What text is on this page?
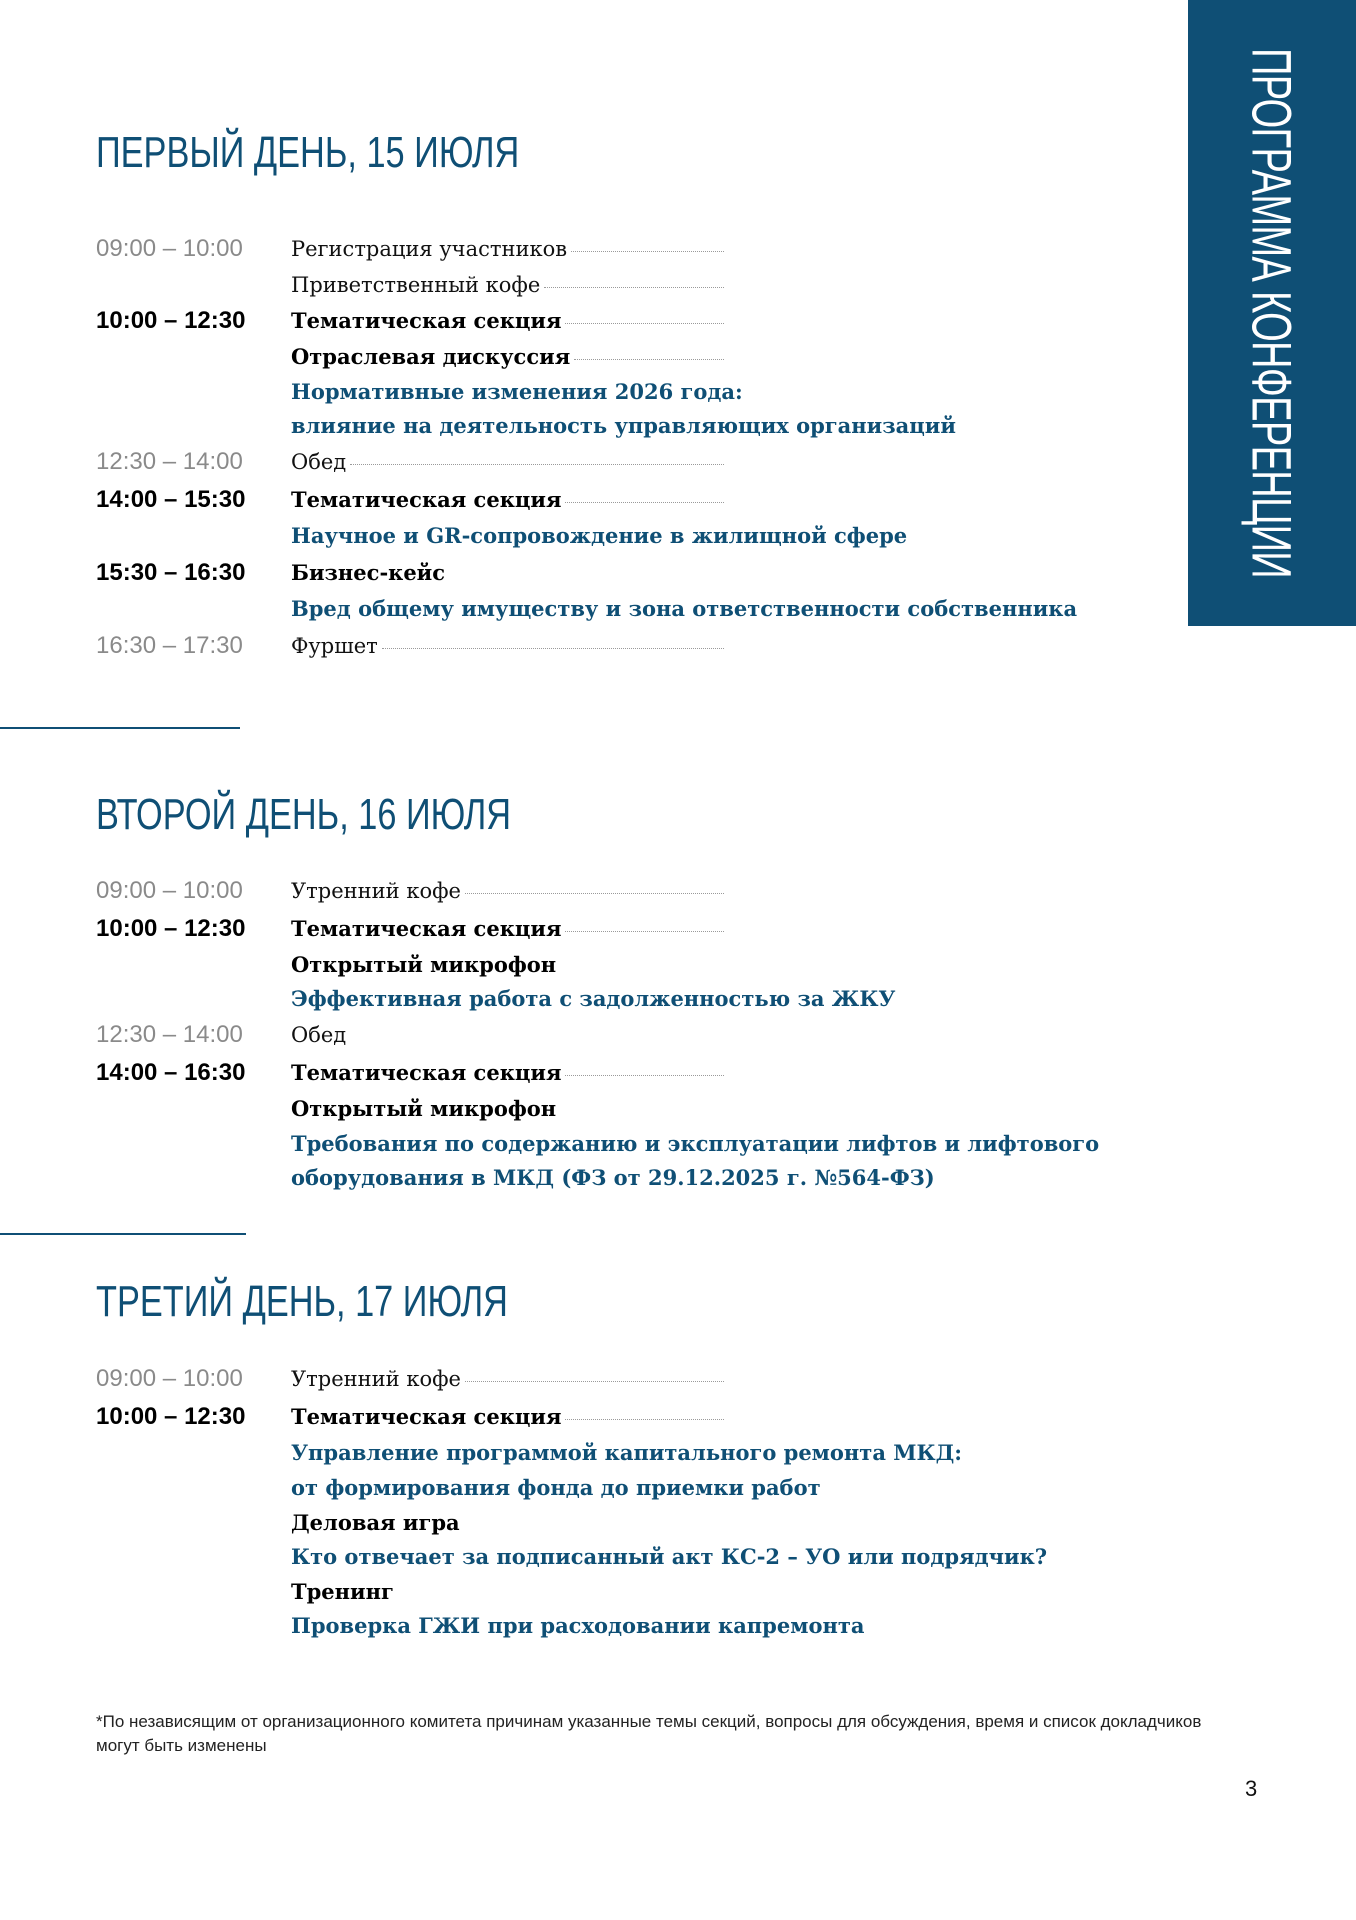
ПРОГРАММА КОНФЕРЕНЦИИ
ПЕРВЫЙ ДЕНЬ, 15 ИЮЛЯ
09:00 – 10:00	Регистрация участников
Приветственный кофе
10:00 – 12:30	Тематическая секция
Отраслевая дискуссия
Нормативные изменения 2026 года:
влияние на деятельность управляющих организаций
12:30 – 14:00	Обед
14:00 – 15:30	Тематическая секция
Научное и GR-сопровождение в жилищной сфере
15:30 – 16:30	Бизнес-кейс
Вред общему имуществу и зона ответственности собственника
16:30 – 17:30	Фуршет
ВТОРОЙ ДЕНЬ, 16 ИЮЛЯ
09:00 – 10:00	Утренний кофе
10:00 – 12:30	Тематическая секция
Открытый микрофон
Эффективная работа с задолженностью за ЖКУ
12:30 – 14:00	Обед
14:00 – 16:30	Тематическая секция
Открытый микрофон
Требования по содержанию и эксплуатации лифтов и лифтового
оборудования в МКД (ФЗ от 29.12.2025 г. №564-ФЗ)
ТРЕТИЙ ДЕНЬ, 17 ИЮЛЯ
09:00 – 10:00	Утренний кофе
10:00 – 12:30	Тематическая секция
Управление программой капитального ремонта МКД:
от формирования фонда до приемки работ
Деловая игра
Кто отвечает за подписанный акт КС-2 – УО или подрядчик?
Тренинг
Проверка ГЖИ при расходовании капремонта
*По независящим от организационного комитета причинам указанные темы секций, вопросы для обсуждения, время и список докладчиков могут быть изменены
3
